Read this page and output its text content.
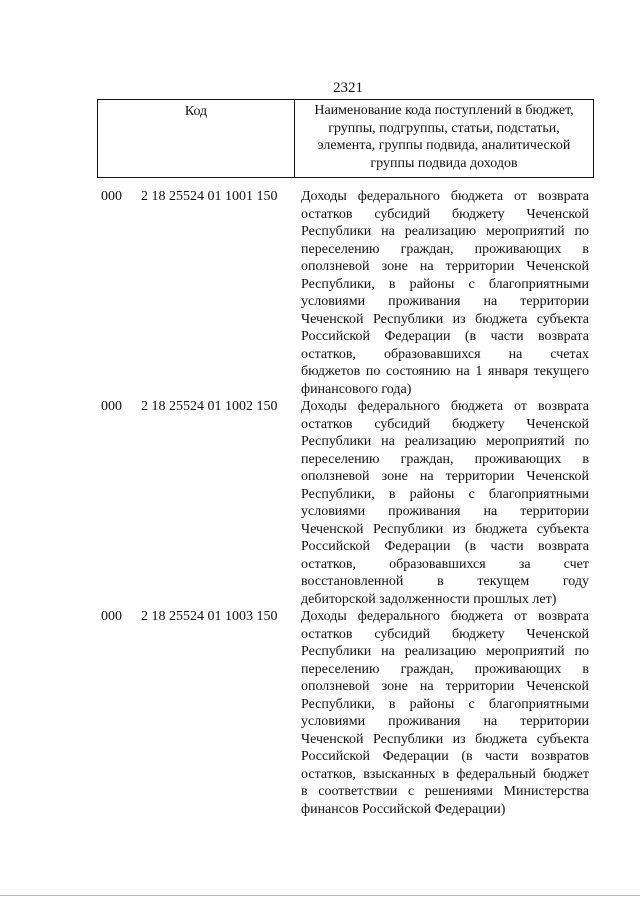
2321
Код	Наименование кода поступлений в бюджет,
группы, подгруппы, статьи, подстатьи,
элемента, группы подвида, аналитической
группы подвида доходов
000	2 18 25524 01 1001 150	Доходы федерального бюджета от возврата
остатков субсидий бюджету Чеченской
Республики на реализацию мероприятий по
переселению граждан, проживающих в
оползневой зоне на территории Чеченской
Республики, в районы с благоприятными
условиями проживания на территории
Чеченской Республики из бюджета субъекта
Российской Федерации (в части возврата
остатков, образовавшихся на счетах
бюджетов по состоянию на 1 января текущего
финансового года)
000	2 18 25524 01 1002 150	Доходы федерального бюджета от возврата
остатков субсидий бюджету Чеченской
Республики на реализацию мероприятий по
переселению граждан, проживающих в
оползневой зоне на территории Чеченской
Республики, в районы с благоприятными
условиями проживания на территории
Чеченской Республики из бюджета субъекта
Российской Федерации (в части возврата
остатков, образовавшихся за счет
восстановленной в текущем году
дебиторской задолженности прошлых лет)
000	2 18 25524 01 1003 150	Доходы федерального бюджета от возврата
остатков субсидий бюджету Чеченской
Республики на реализацию мероприятий по
переселению граждан, проживающих в
оползневой зоне на территории Чеченской
Республики, в районы с благоприятными
условиями проживания на территории
Чеченской Республики из бюджета субъекта
Российской Федерации (в части возвратов
остатков, взысканных в федеральный бюджет
в соответствии с решениями Министерства
финансов Российской Федерации)
